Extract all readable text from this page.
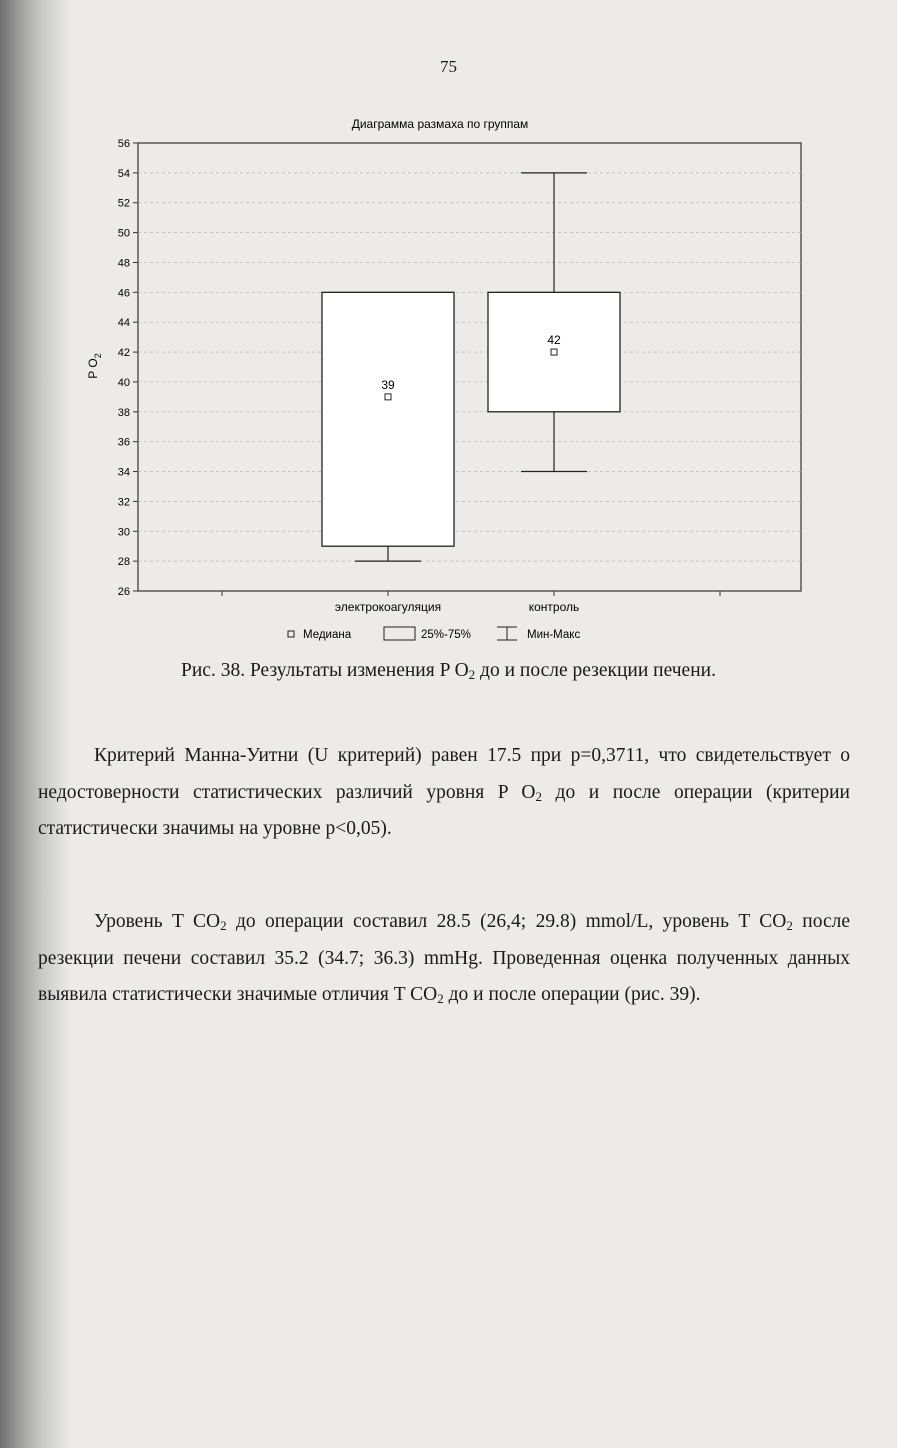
75
Диаграмма размаха по группам
26
28
30
32
34
36
38
40
42
44
46
48
50
52
54
56
P $O_2$
39
42
электрокоагуляция	контроль
Медиана	25%-75%	Мин-Макс
Рис. 38. Результаты изменения P $O_2$ до и после резекции печени.
Критерий Манна-Уитни (U критерий) равен 17.5 при p=0,3711, что свидетельствует о недостоверности статистических различий уровня P $O_2$ до и после операции (критерии статистически значимы на уровне p<0,05).
Уровень T $CO_2$ до операции составил 28.5 (26,4; 29.8) mmol/L, уровень T $CO_2$ после резекции печени составил 35.2 (34.7; 36.3) mmHg. Проведенная оценка полученных данных выявила статистически значимые отличия T $CO_2$ до и после операции (рис. 39).
